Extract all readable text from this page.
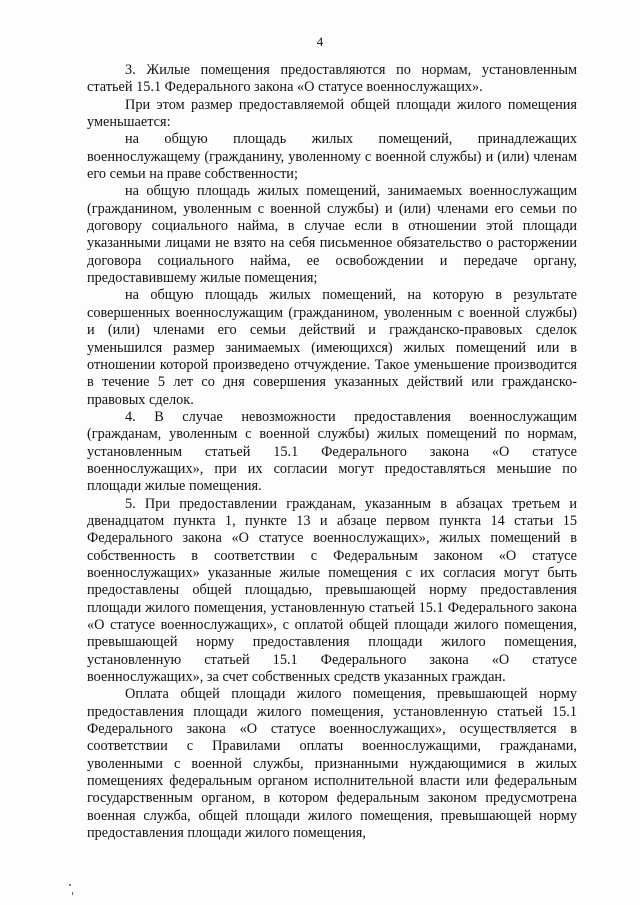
4

3. Жилые помещения предоставляются по нормам, установленным статьей 15.1 Федерального закона «О статусе военнослужащих».

При этом размер предоставляемой общей площади жилого помещения уменьшается:

на общую площадь жилых помещений, принадлежащих военнослужащему (гражданину, уволенному с военной службы) и (или) членам его семьи на праве собственности;

на общую площадь жилых помещений, занимаемых военнослужащим (гражданином, уволенным с военной службы) и (или) членами его семьи по договору социального найма, в случае если в отношении этой площади указанными лицами не взято на себя письменное обязательство о расторжении договора социального найма, ее освобождении и передаче органу, предоставившему жилые помещения;

на общую площадь жилых помещений, на которую в результате совершенных военнослужащим (гражданином, уволенным с военной службы) и (или) членами его семьи действий и гражданско-правовых сделок уменьшился размер занимаемых (имеющихся) жилых помещений или в отношении которой произведено отчуждение. Такое уменьшение производится в течение 5 лет со дня совершения указанных действий или гражданско-правовых сделок.

4. В случае невозможности предоставления военнослужащим (гражданам, уволенным с военной службы) жилых помещений по нормам, установленным статьей 15.1 Федерального закона «О статусе военнослужащих», при их согласии могут предоставляться меньшие по площади жилые помещения.

5. При предоставлении гражданам, указанным в абзацах третьем и двенадцатом пункта 1, пункте 13 и абзаце первом пункта 14 статьи 15 Федерального закона «О статусе военнослужащих», жилых помещений в собственность в соответствии с Федеральным законом «О статусе военнослужащих» указанные жилые помещения с их согласия могут быть предоставлены общей площадью, превышающей норму предоставления площади жилого помещения, установленную статьей 15.1 Федерального закона «О статусе военнослужащих», с оплатой общей площади жилого помещения, превышающей норму предоставления площади жилого помещения, установленную статьей 15.1 Федерального закона «О статусе военнослужащих», за счет собственных средств указанных граждан.

Оплата общей площади жилого помещения, превышающей норму предоставления площади жилого помещения, установленную статьей 15.1 Федерального закона «О статусе военнослужащих», осуществляется в соответствии с Правилами оплаты военнослужащими, гражданами, уволенными с военной службы, признанными нуждающимися в жилых помещениях федеральным органом исполнительной власти или федеральным государственным органом, в котором федеральным законом предусмотрена военная служба, общей площади жилого помещения, превышающей норму предоставления площади жилого помещения,
